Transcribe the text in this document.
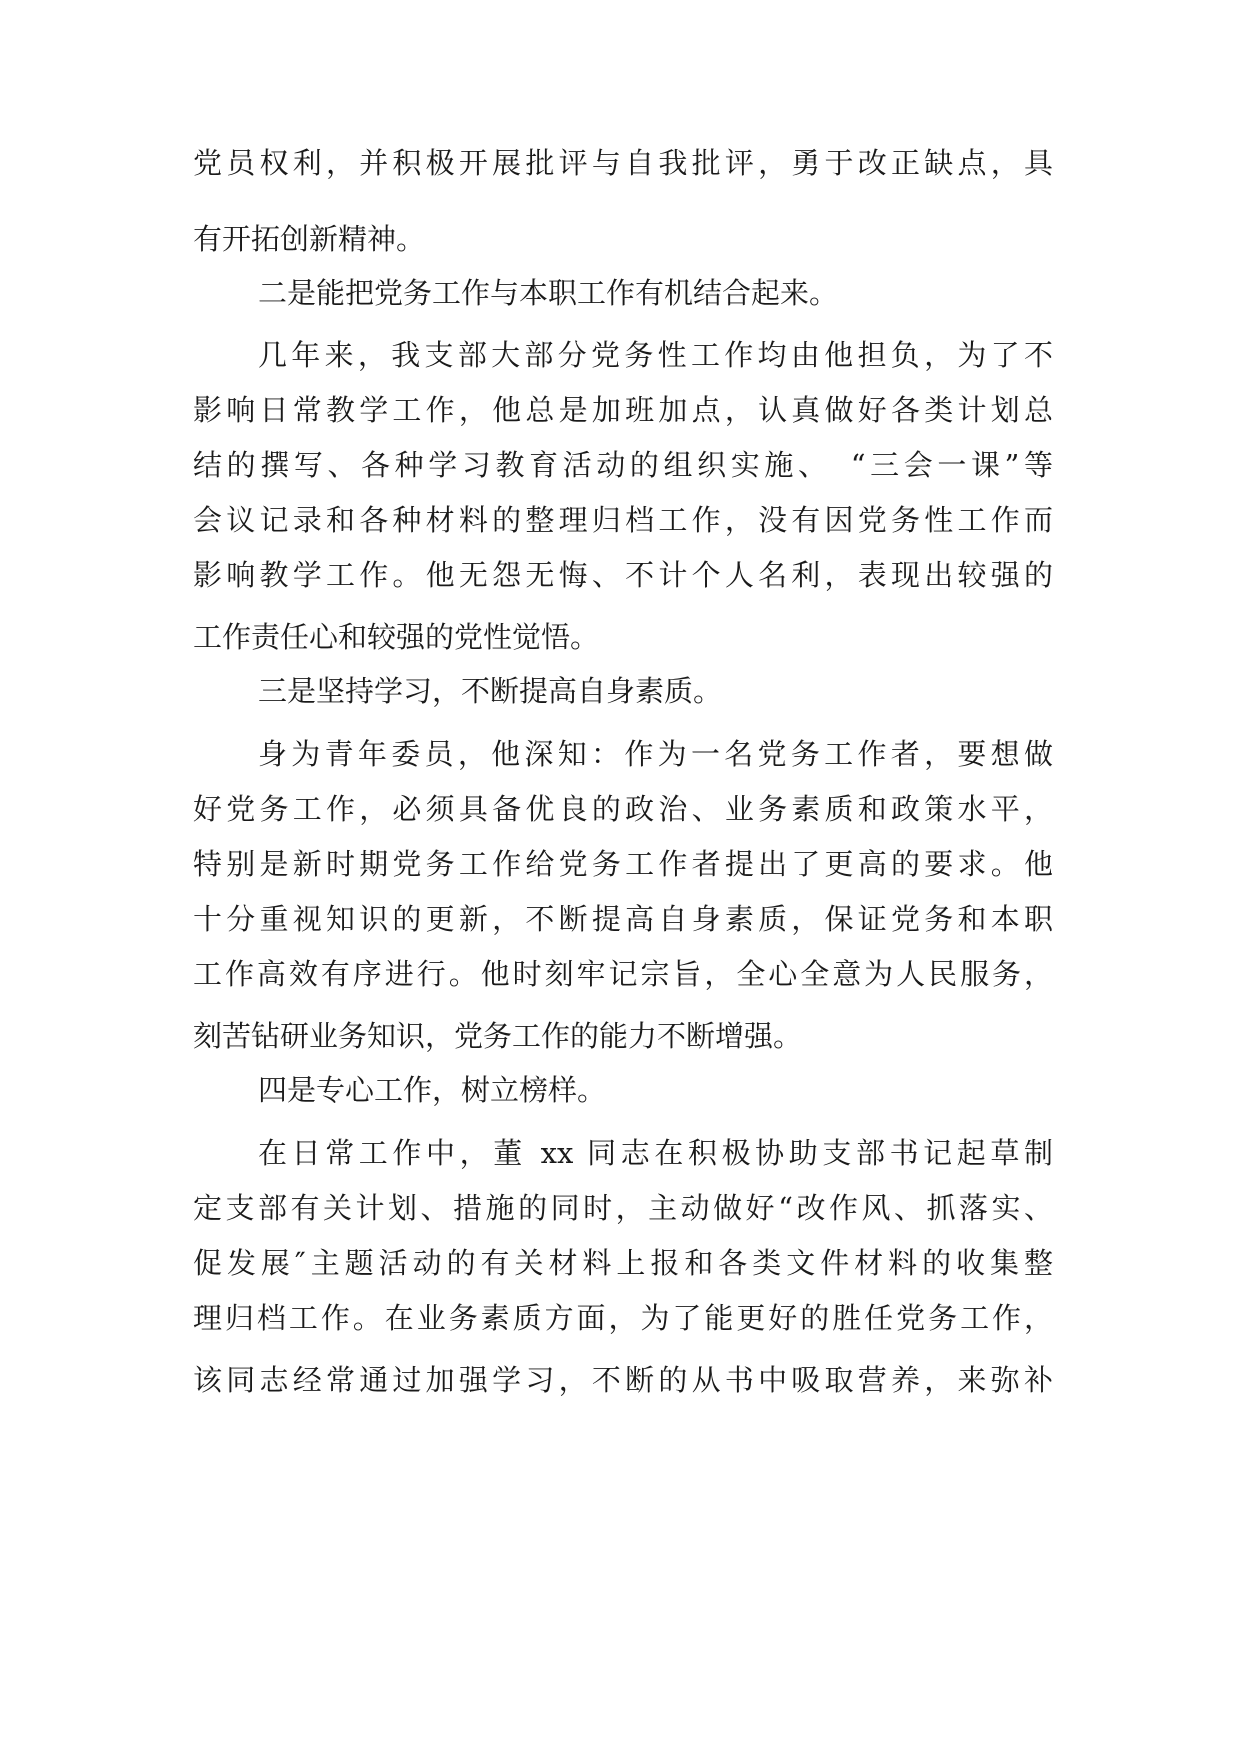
党员权利，并积极开展批评与自我批评，勇于改正缺点，具
有开拓创新精神。
二是能把党务工作与本职工作有机结合起来。
几年来，我支部大部分党务性工作均由他担负，为了不
影响日常教学工作，他总是加班加点，认真做好各类计划总
结的撰写、各种学习教育活动的组织实施、　“三会一课”等
会议记录和各种材料的整理归档工作，没有因党务性工作而
影响教学工作。他无怨无悔、不计个人名利，表现出较强的
工作责任心和较强的党性觉悟。
三是坚持学习，不断提高自身素质。
身为青年委员，他深知：作为一名党务工作者，要想做
好党务工作，必须具备优良的政治、业务素质和政策水平，
特别是新时期党务工作给党务工作者提出了更高的要求。他
十分重视知识的更新，不断提高自身素质，保证党务和本职
工作高效有序进行。他时刻牢记宗旨，全心全意为人民服务，
刻苦钻研业务知识，党务工作的能力不断增强。
四是专心工作，树立榜样。
在日常工作中，董 xx 同志在积极协助支部书记起草制
定支部有关计划、措施的同时，主动做好“改作风、抓落实、
促发展″主题活动的有关材料上报和各类文件材料的收集整
理归档工作。在业务素质方面，为了能更好的胜任党务工作，
该同志经常通过加强学习，不断的从书中吸取营养，来弥补
